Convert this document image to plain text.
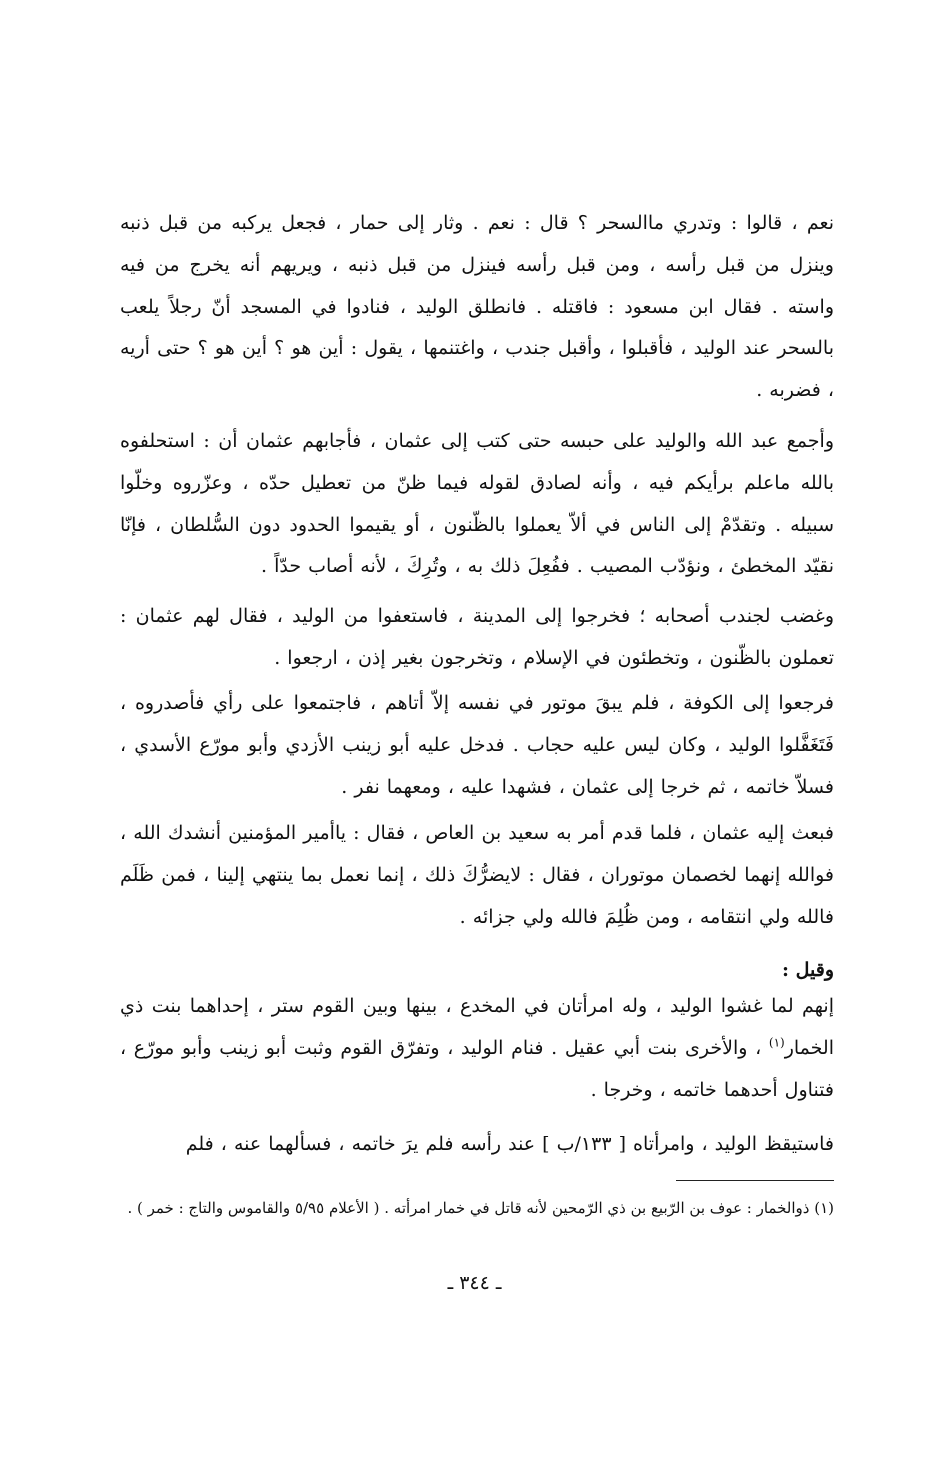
نعم ، قالوا : وتدري ماالسحر ؟ قال : نعم . وثار إلى حمار ، فجعل يركبه من قبل ذنبه وينزل من قبل رأسه ، ومن قبل رأسه فينزل من قبل ذنبه ، ويريهم أنه يخرج من فيه واسته . فقال ابن مسعود : فاقتله . فانطلق الوليد ، فنادوا في المسجد أنّ رجلاً يلعب بالسحر عند الوليد ، فأقبلوا ، وأقبل جندب ، واغتنمها ، يقول : أين هو ؟ أين هو ؟ حتى أريه ، فضربه .

وأجمع عبد الله والوليد على حبسه حتى كتب إلى عثمان ، فأجابهم عثمان أن : استحلفوه بالله ماعلم برأيكم فيه ، وأنه لصادق لقوله فيما ظنّ من تعطيل حدّه ، وعزّروه وخلّوا سبيله . وتقدّمْ إلى الناس في ألاّ يعملوا بالظّنون ، أو يقيموا الحدود دون السُّلطان ، فإنّا نقيّد المخطئ ، ونؤدّب المصيب . ففُعِلَ ذلك به ، وتُرِكَ ، لأنه أصاب حدّاً .

وغضب لجندب أصحابه ؛ فخرجوا إلى المدينة ، فاستعفوا من الوليد ، فقال لهم عثمان : تعملون بالظّنون ، وتخطئون في الإسلام ، وتخرجون بغير إذن ، ارجعوا .

فرجعوا إلى الكوفة ، فلم يبقَ موتور في نفسه إلاّ أتاهم ، فاجتمعوا على رأي فأصدروه ، فَتَغَفَّلوا الوليد ، وكان ليس عليه حجاب . فدخل عليه أبو زينب الأزدي وأبو مورّع الأسدي ، فسلاّ خاتمه ، ثم خرجا إلى عثمان ، فشهدا عليه ، ومعهما نفر .

فبعث إليه عثمان ، فلما قدم أمر به سعيد بن العاص ، فقال : ياأمير المؤمنين أنشدك الله ، فوالله إنهما لخصمان موتوران ، فقال : لايضرُّكَ ذلك ، إنما نعمل بما ينتهي إلينا ، فمن ظَلَم فالله ولي انتقامه ، ومن ظُلِمَ فالله ولي جزائه .

وقيل :

إنهم لما غشوا الوليد ، وله امرأتان في المخدع ، بينها وبين القوم ستر ، إحداهما بنت ذي الخمار$^{(١)}$ ، والأخرى بنت أبي عقيل . فنام الوليد ، وتفرّق القوم وثبت أبو زينب وأبو مورّع ، فتناول أحدهما خاتمه ، وخرجا .

فاستيقظ الوليد ، وامرأتاه [ ١٣٣/ب ] عند رأسه فلم يرَ خاتمه ، فسألهما عنه ، فلم

(١) ذوالخمار : عوف بن الرّبيع بن ذي الرّمحين لأنه قاتل في خمار امرأته . ( الأعلام ٥/٩٥ والقاموس والتاج : خمر ) .

ـ ٣٤٤ ـ
